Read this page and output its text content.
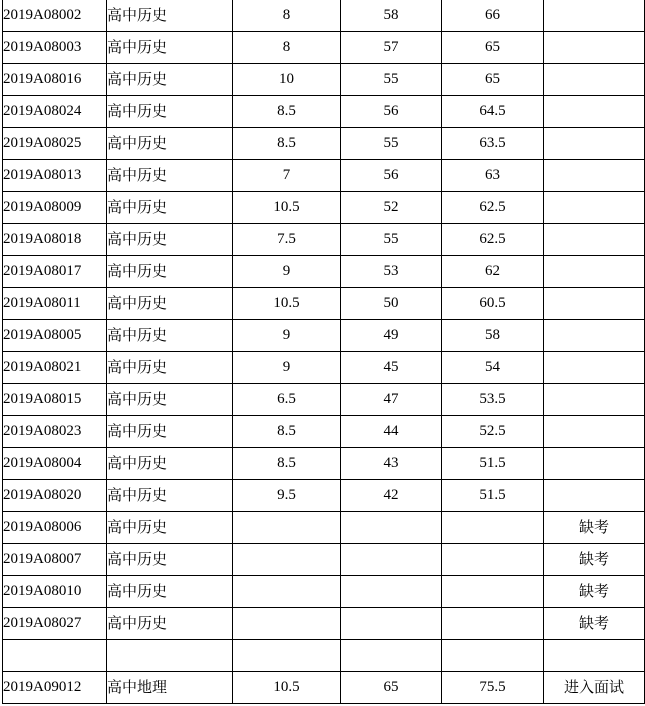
2019A08002	高中历史	8	58	66	
2019A08003	高中历史	8	57	65	
2019A08016	高中历史	10	55	65	
2019A08024	高中历史	8.5	56	64.5	
2019A08025	高中历史	8.5	55	63.5	
2019A08013	高中历史	7	56	63	
2019A08009	高中历史	10.5	52	62.5	
2019A08018	高中历史	7.5	55	62.5	
2019A08017	高中历史	9	53	62	
2019A08011	高中历史	10.5	50	60.5	
2019A08005	高中历史	9	49	58	
2019A08021	高中历史	9	45	54	
2019A08015	高中历史	6.5	47	53.5	
2019A08023	高中历史	8.5	44	52.5	
2019A08004	高中历史	8.5	43	51.5	
2019A08020	高中历史	9.5	42	51.5	
2019A08006	高中历史				缺考
2019A08007	高中历史				缺考
2019A08010	高中历史				缺考
2019A08027	高中历史				缺考

2019A09012	高中地理	10.5	65	75.5	进入面试
